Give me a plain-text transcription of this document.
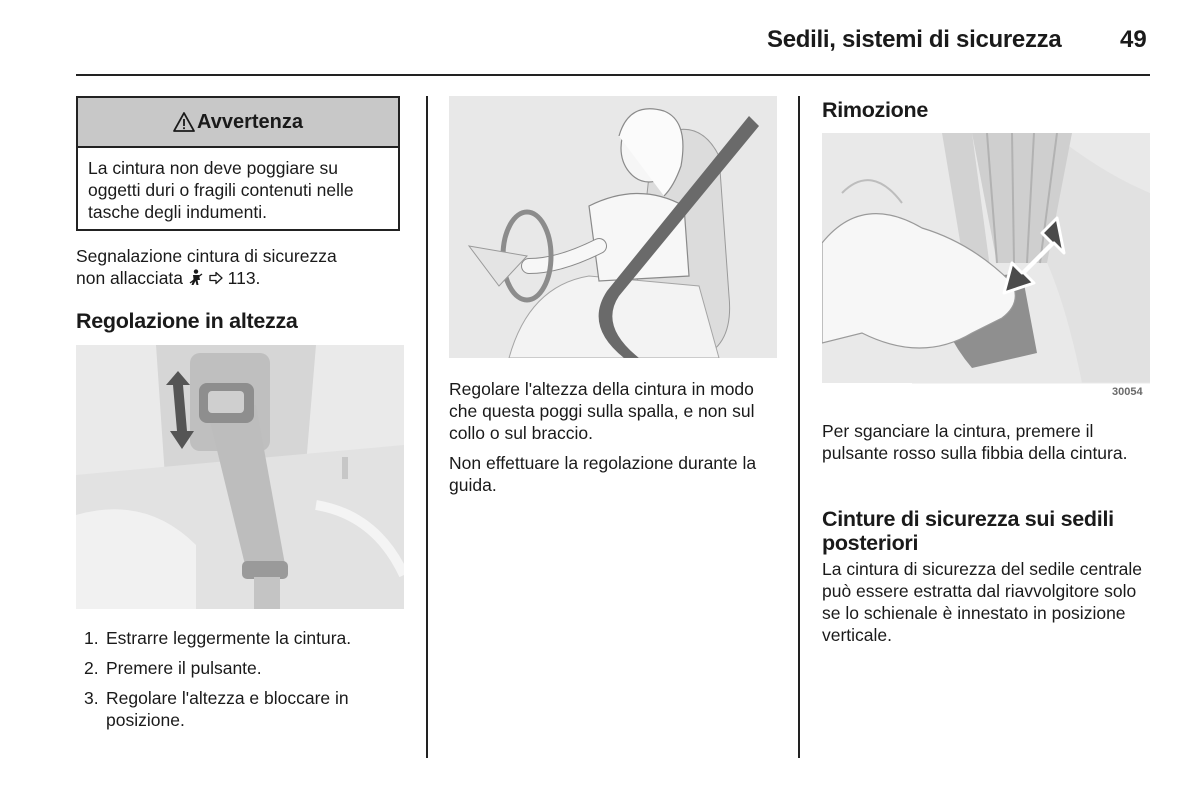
Sedili, sistemi di sicurezza 49
Avvertenza
La cintura non deve poggiare su oggetti duri o fragili contenuti nelle tasche degli indumenti.
Segnalazione cintura di sicurezza
non allacciata	113.
Regolazione in altezza
1. Estrarre leggermente la cintura.
2. Premere il pulsante.
3. Regolare l'altezza e bloccare in posizione.
Regolare l'altezza della cintura in modo che questa poggi sulla spalla, e non sul collo o sul braccio.
Non effettuare la regolazione durante la guida.
Rimozione
30054
Per sganciare la cintura, premere il pulsante rosso sulla fibbia della cintura.
Cinture di sicurezza sui sedili posteriori
La cintura di sicurezza del sedile centrale può essere estratta dal riavvolgitore solo se lo schienale è innestato in posizione verticale.
